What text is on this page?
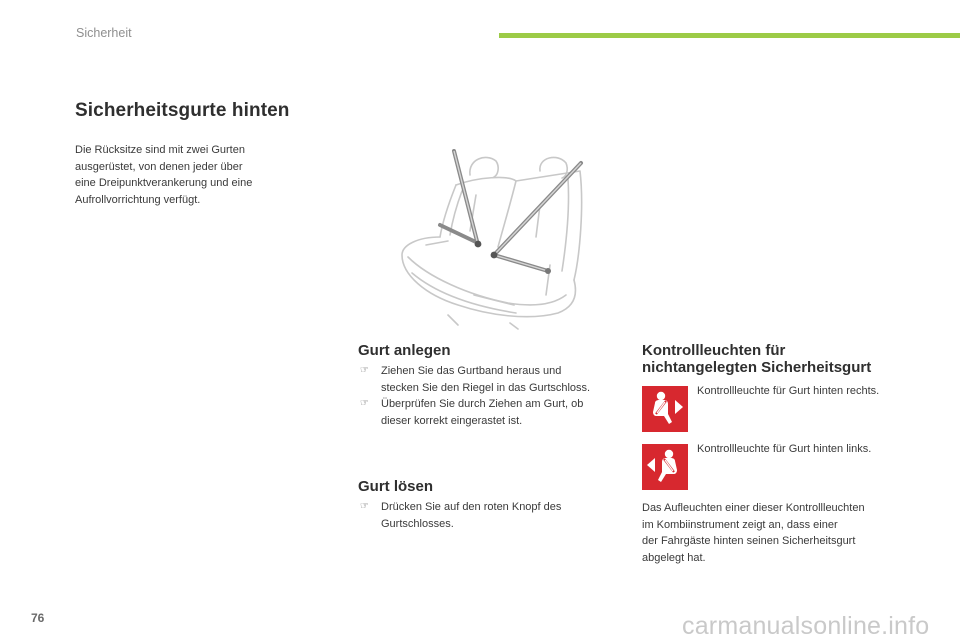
Sicherheit
Sicherheitsgurte hinten
Die Rücksitze sind mit zwei Gurten
ausgerüstet, von denen jeder über
eine Dreipunktverankerung und eine
Aufrollvorrichtung verfügt.
Gurt anlegen
☞ Ziehen Sie das Gurtband heraus und
stecken Sie den Riegel in das Gurtschloss.
☞ Überprüfen Sie durch Ziehen am Gurt, ob
dieser korrekt eingerastet ist.
Gurt lösen
☞ Drücken Sie auf den roten Knopf des
Gurtschlosses.
Kontrollleuchten für
nichtangelegten Sicherheitsgurt
Kontrollleuchte für Gurt hinten rechts.
Kontrollleuchte für Gurt hinten links.
Das Aufleuchten einer dieser Kontrollleuchten
im Kombiinstrument zeigt an, dass einer
der Fahrgäste hinten seinen Sicherheitsgurt
abgelegt hat.
76	carmanualsonline.info
